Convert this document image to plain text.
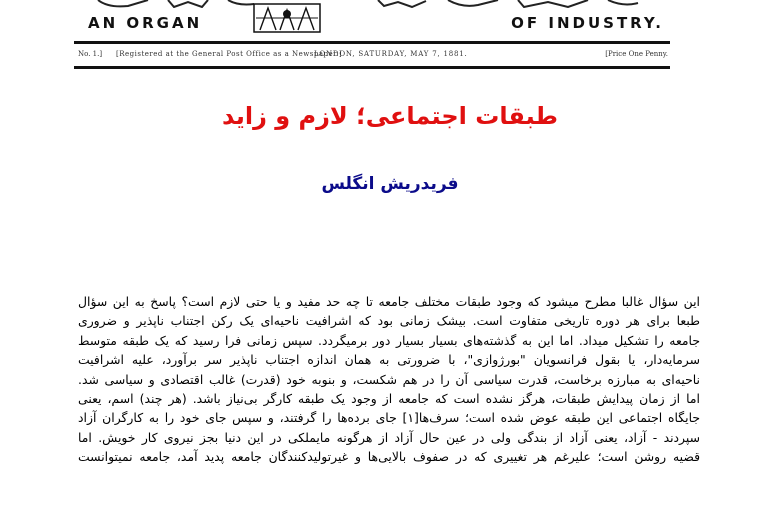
AN ORGAN	OF INDUSTRY.
No. 1.] [Registered at the General Post Office as a Newspaper.]
LONDON, SATURDAY, MAY 7, 1881.	[Price One Penny.
طبقات اجتماعی؛ لازم و زاید
فریدریش انگلس
این سؤال غالبا مطرح میشود که وجود طبقات مختلف جامعه تا چه حد مفید و یا حتی لازم است؟ پاسخ به این سؤال
طبعا برای هر دوره تاریخی متفاوت است. بیشک زمانی بود که اشرافیت ناحیه‌ای یک رکن اجتناب ناپذیر و ضروری
جامعه را تشکیل میداد. اما این به گذشته‌های بسیار بسیار دور برمیگردد. سپس زمانی فرا رسید که یک طبقه متوسط
سرمایه‌دار، یا بقول فرانسویان "بورژوازی"، با ضرورتی به همان اندازه اجتناب ناپذیر سر برآورد، علیه اشرافیت
ناحیه‌ای به مبارزه برخاست، قدرت سیاسی آن را در هم شکست، و بنوبه خود (قدرت) غالب اقتصادی و سیاسی شد.
اما از زمان پیدایش طبقات، هرگز نشده است که جامعه از وجود یک طبقه کارگر بی‌نیاز باشد. (هر چند) اسم، یعنی
جایگاه اجتماعی این طبقه عوض شده است؛ سرف‌ها[۱] جای برده‌ها را گرفتند، و سپس جای خود را به کارگران آزاد
سپردند - آزاد، یعنی آزاد از بندگی ولی در عین حال آزاد از هرگونه مایملکی در این دنیا بجز نیروی کار خویش. اما
قضیه روشن است؛ علیرغم هر تغییری که در صفوف بالایی‌ها و غیرتولیدکنندگان جامعه پدید آمد، جامعه نمیتوانست
